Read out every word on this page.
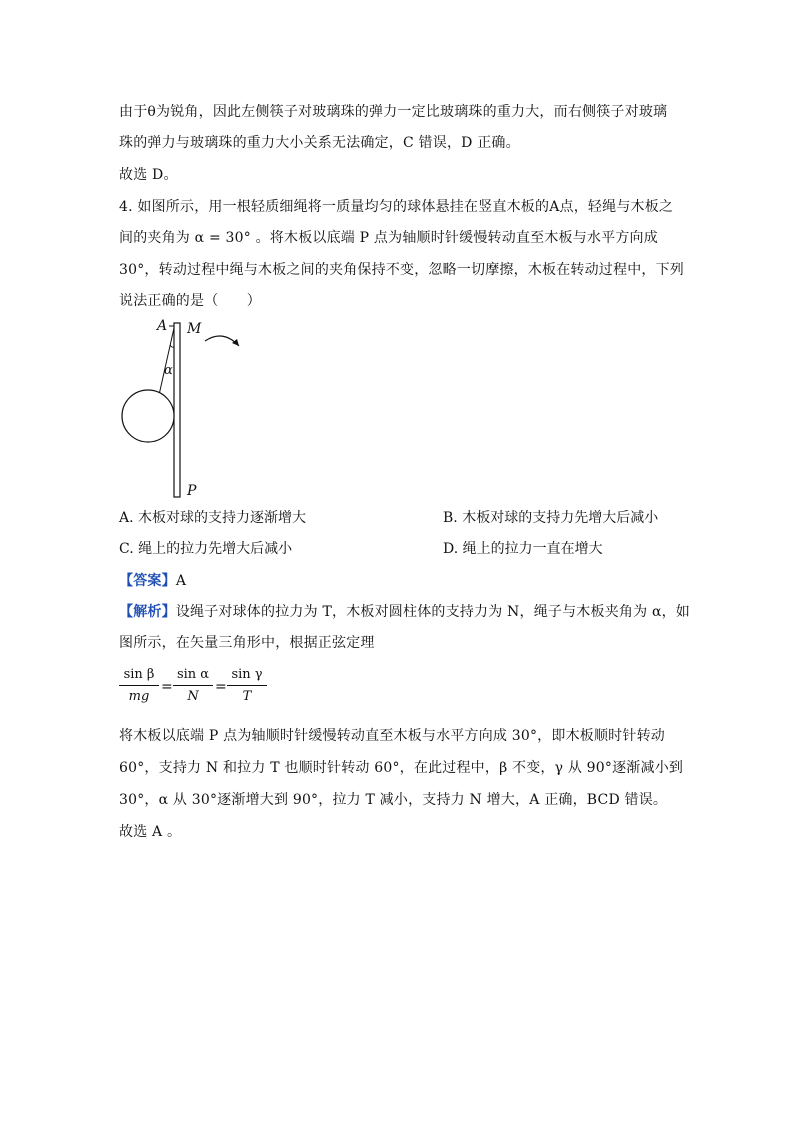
由于θ为锐角，因此左侧筷子对玻璃珠的弹力一定比玻璃珠的重力大，而右侧筷子对玻璃
珠的弹力与玻璃珠的重力大小关系无法确定，C 错误，D 正确。
故选 D。
4. 如图所示，用一根轻质细绳将一质量均匀的球体悬挂在竖直木板的A点，轻绳与木板之
间的夹角为 α = 30° 。将木板以底端 P 点为轴顺时针缓慢转动直至木板与水平方向成
30°，转动过程中绳与木板之间的夹角保持不变，忽略一切摩擦，木板在转动过程中，下列
说法正确的是（　　）
A M
α
P
A. 木板对球的支持力逐渐增大	B. 木板对球的支持力先增大后减小
C. 绳上的拉力先增大后减小	D. 绳上的拉力一直在增大
【答案】A
【解析】设绳子对球体的拉力为 T，木板对圆柱体的支持力为 N，绳子与木板夹角为 α，如
图所示，在矢量三角形中，根据正弦定理
sin β
mg
=
sin α
N
=
sin γ
T
将木板以底端 P 点为轴顺时针缓慢转动直至木板与水平方向成 30°，即木板顺时针转动
60°，支持力 N 和拉力 T 也顺时针转动 60°，在此过程中，β 不变，γ 从 90°逐渐减小到
30°，α 从 30°逐渐增大到 90°，拉力 T 减小，支持力 N 增大，A 正确，BCD 错误。
故选 A 。
